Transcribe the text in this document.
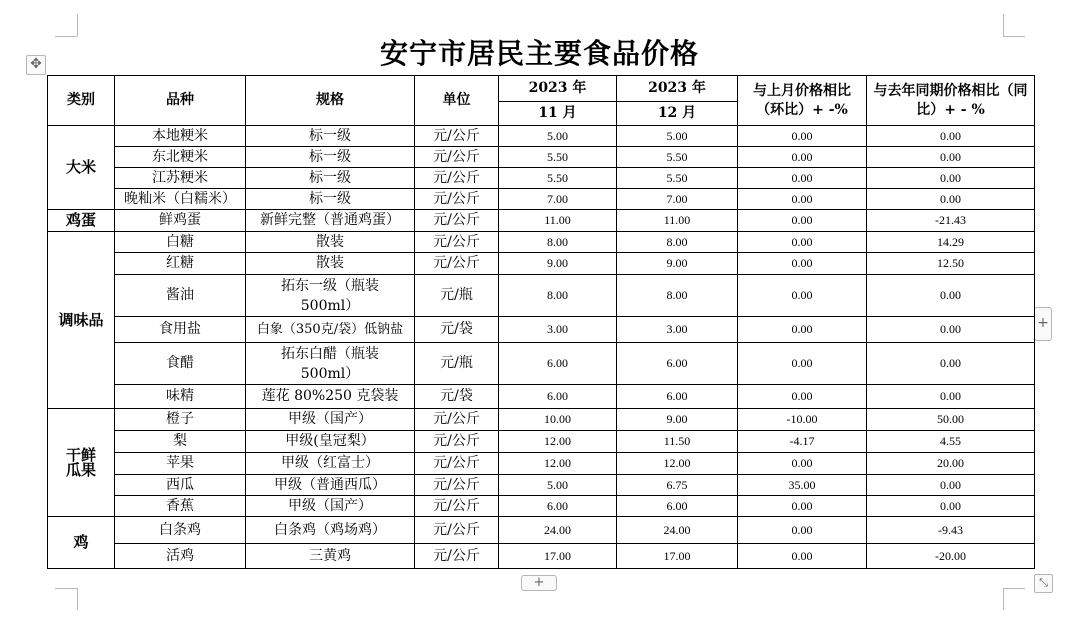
✥
+
+	⤡
安宁市居民主要食品价格
类别	品种	规格	单位	2023 年	2023 年	与上月价格相比（环比）+ -%	与去年同期价格相比（同比）+ - %
				11 月	12 月		
大米	本地粳米	标一级	元/公斤	5.00	5.00	0.00	0.00
	东北粳米	标一级	元/公斤	5.50	5.50	0.00	0.00
	江苏粳米	标一级	元/公斤	5.50	5.50	0.00	0.00
	晚籼米（白糯米）	标一级	元/公斤	7.00	7.00	0.00	0.00
鸡蛋	鲜鸡蛋	新鲜完整（普通鸡蛋）	元/公斤	11.00	11.00	0.00	-21.43
调味品	白糖	散装	元/公斤	8.00	8.00	0.00	14.29
	红糖	散装	元/公斤	9.00	9.00	0.00	12.50
	酱油	拓东一级（瓶装500ml）	元/瓶	8.00	8.00	0.00	0.00
	食用盐	白象（350克/袋）低钠盐	元/袋	3.00	3.00	0.00	0.00
	食醋	拓东白醋（瓶装500ml）	元/瓶	6.00	6.00	0.00	0.00
	味精	莲花 80%250 克袋装	元/袋	6.00	6.00	0.00	0.00
干鲜瓜果	橙子	甲级（国产）	元/公斤	10.00	9.00	-10.00	50.00
	梨	甲级(皇冠梨）	元/公斤	12.00	11.50	-4.17	4.55
	苹果	甲级（红富士）	元/公斤	12.00	12.00	0.00	20.00
	西瓜	甲级（普通西瓜）	元/公斤	5.00	6.75	35.00	0.00
	香蕉	甲级（国产）	元/公斤	6.00	6.00	0.00	0.00
鸡	白条鸡	白条鸡（鸡场鸡）	元/公斤	24.00	24.00	0.00	-9.43
	活鸡	三黄鸡	元/公斤	17.00	17.00	0.00	-20.00
